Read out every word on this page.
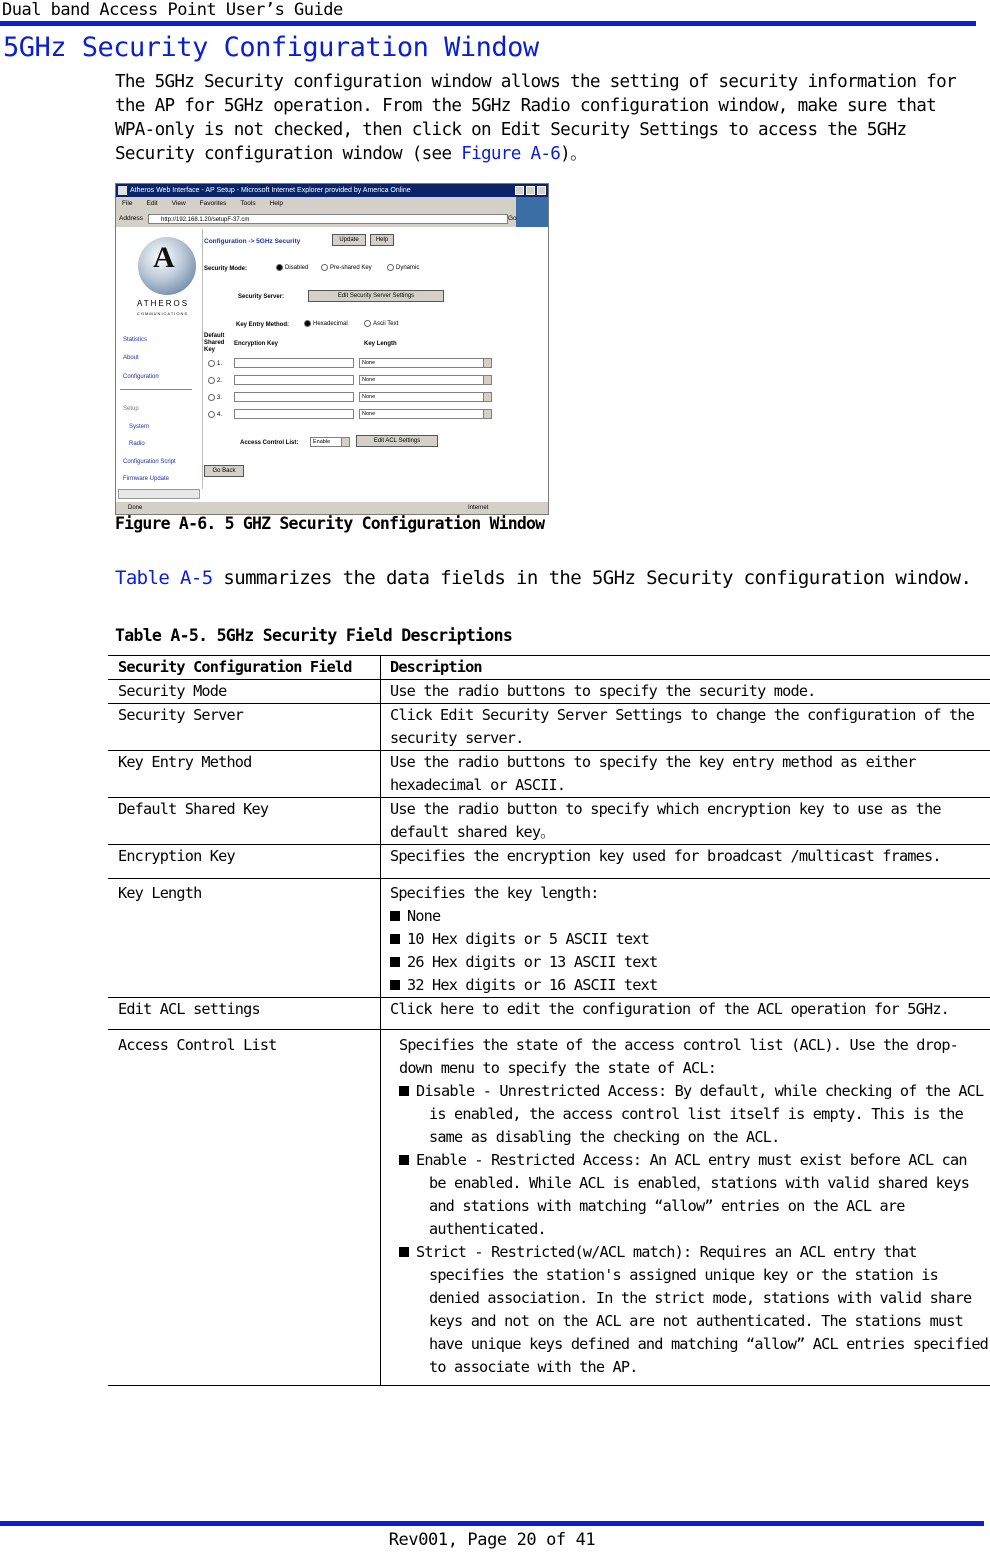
Dual band Access Point User’s Guide
5GHz Security Configuration Window
The 5GHz Security configuration window allows the setting of security information for the AP for 5GHz operation. From the 5GHz Radio configuration window, make sure that WPA-only is not checked, then click on Edit Security Settings to access the 5GHz Security configuration window (see Figure A-6)。
Atheros Web Interface - AP Setup - Microsoft Internet Explorer provided by America Online
File Edit View Favorites Tools Help
Address	http://192.168.1.20/setupF-37.cm	Go
A
ATHEROS
COMMUNICATIONS
Statistics
About
Configuration
Setup
System
Radio
Configuration Script
Firmware Update
Configuration -> 5GHz Security	Update	Help
Security Mode:	Disabled	Pre-shared Key	Dynamic
Security Server:	Edit Security Server Settings
Key Entry Method:	Hexadecimal	Ascii Text
Default Shared Key
Encryption Key	Key Length
1.	None
2.	None
3.	None
4.	None
Access Control List:	Enable	Edit ACL Settings
Go Back
Done	Internet
Figure A-6. 5 GHZ Security Configuration Window
Table A-5 summarizes the data fields in the 5GHz Security configuration window.
Table A-5. 5GHz Security Field Descriptions
Security Configuration Field	Description
Security Mode	Use the radio buttons to specify the security mode.
Security Server	Click Edit Security Server Settings to change the configuration of the security server.
Key Entry Method	Use the radio buttons to specify the key entry method as either hexadecimal or ASCII.
Default Shared Key	Use the radio button to specify which encryption key to use as the default shared key。
Encryption Key	Specifies the encryption key used for broadcast /multicast frames.
Key Length	Specifies the key length:
None
10 Hex digits or 5 ASCII text
26 Hex digits or 13 ASCII text
32 Hex digits or 16 ASCII text

Edit ACL settings	Click here to edit the configuration of the ACL operation for 5GHz.
Access Control List	Specifies the state of the access control list (ACL). Use the drop-down menu to specify the state of ACL:
Disable - Unrestricted Access: By default, while checking of the ACL is enabled, the access control list itself is empty. This is the same as disabling the checking on the ACL.
Enable - Restricted Access: An ACL entry must exist before ACL can be enabled. While ACL is enabled，stations with valid shared keys and stations with matching “allow” entries on the ACL are authenticated.
Strict - Restricted(w/ACL match): Requires an ACL entry that specifies the station's assigned unique key or the station is denied association. In the strict mode, stations with valid share keys and not on the ACL are not authenticated. The stations must have unique keys defined and matching “allow” ACL entries specified to associate with the AP.
Rev001, Page 20 of 41
